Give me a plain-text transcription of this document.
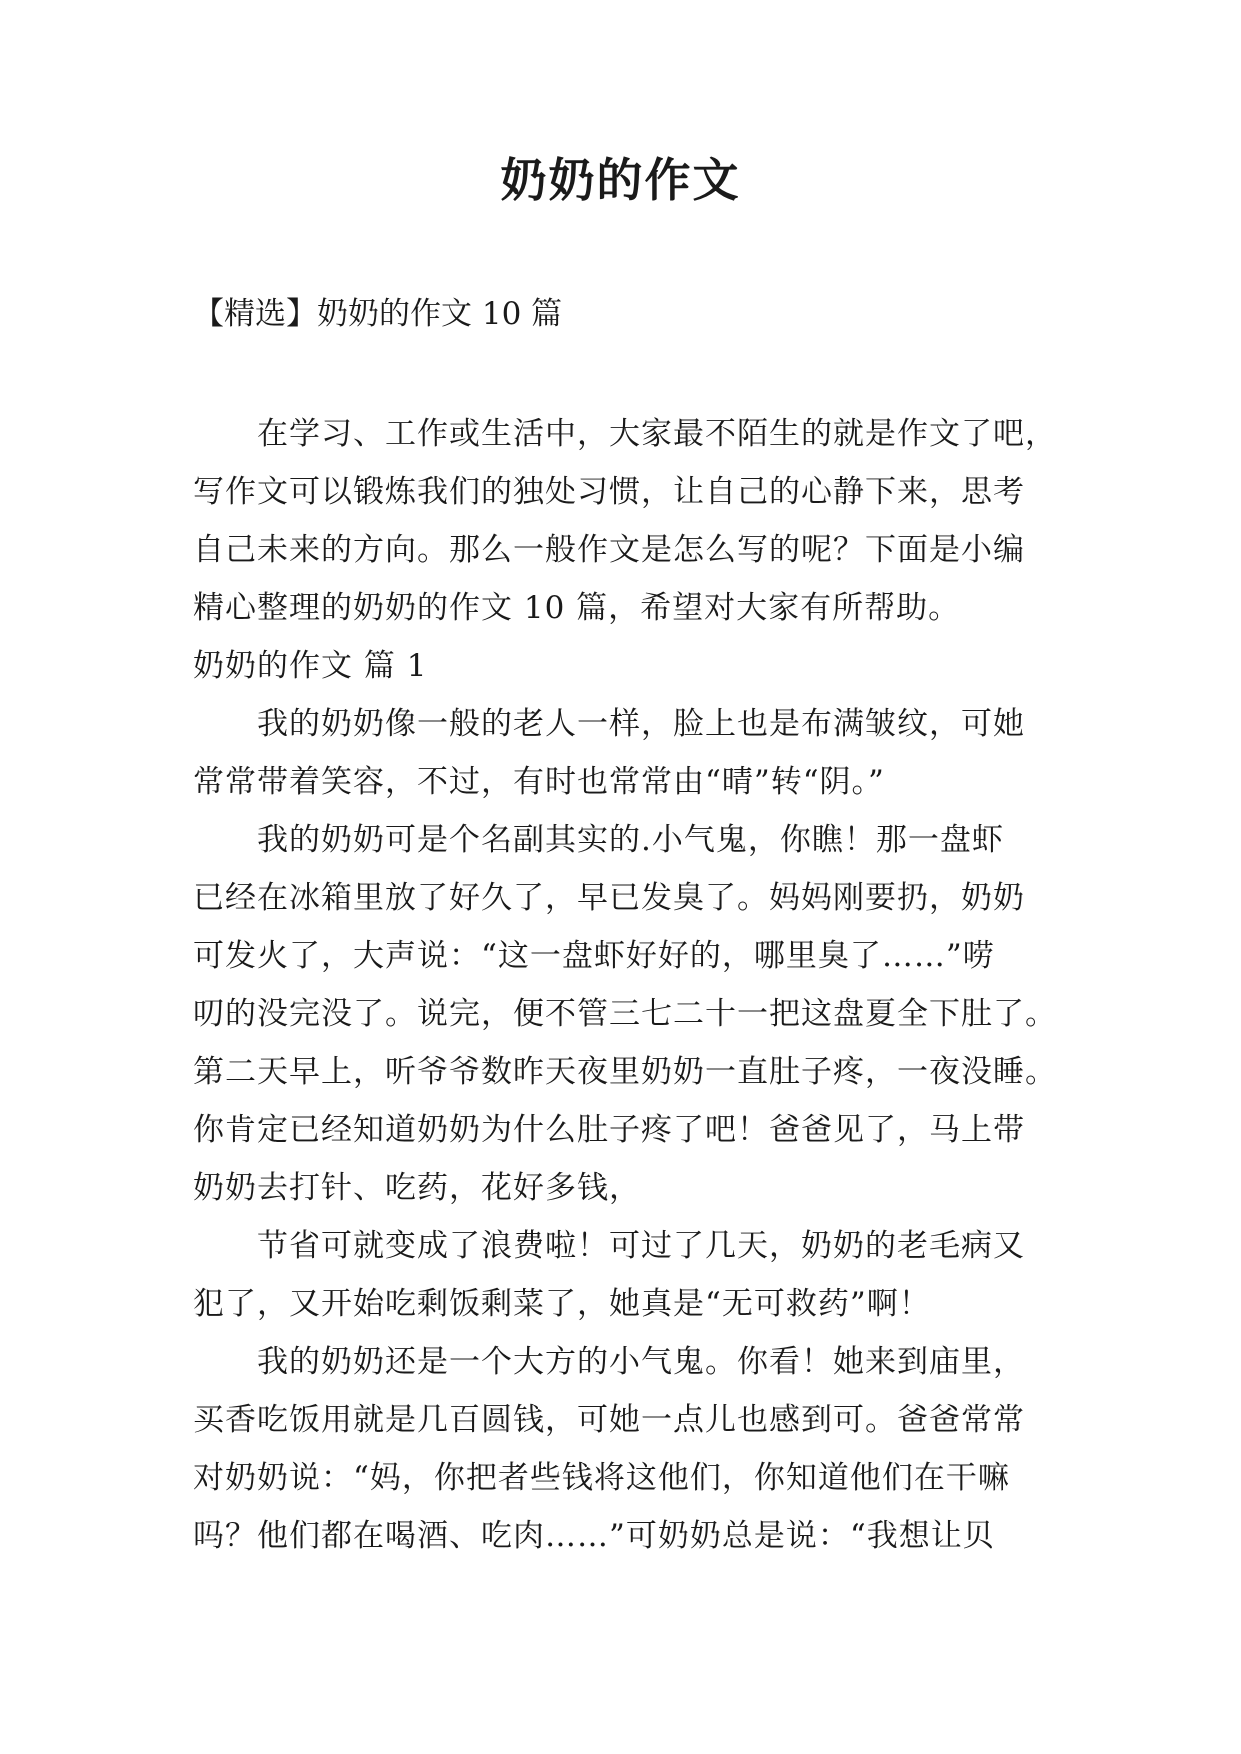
奶奶的作文

【精选】奶奶的作文 10 篇

在学习、工作或生活中，大家最不陌生的就是作文了吧，
写作文可以锻炼我们的独处习惯，让自己的心静下来，思考
自己未来的方向。那么一般作文是怎么写的呢？下面是小编
精心整理的奶奶的作文 10 篇，希望对大家有所帮助。
奶奶的作文 篇 1
我的奶奶像一般的老人一样，脸上也是布满皱纹，可她
常常带着笑容，不过，有时也常常由“晴”转“阴。”
我的奶奶可是个名副其实的.小气鬼，你瞧！那一盘虾
已经在冰箱里放了好久了，早已发臭了。妈妈刚要扔，奶奶
可发火了，大声说：“这一盘虾好好的，哪里臭了……”唠
叨的没完没了。说完，便不管三七二十一把这盘夏全下肚了。
第二天早上，听爷爷数昨天夜里奶奶一直肚子疼，一夜没睡。
你肯定已经知道奶奶为什么肚子疼了吧！爸爸见了，马上带
奶奶去打针、吃药，花好多钱，
节省可就变成了浪费啦！可过了几天，奶奶的老毛病又
犯了，又开始吃剩饭剩菜了，她真是“无可救药”啊！
我的奶奶还是一个大方的小气鬼。你看！她来到庙里，
买香吃饭用就是几百圆钱，可她一点儿也感到可。爸爸常常
对奶奶说：“妈，你把者些钱将这他们，你知道他们在干嘛
吗？他们都在喝酒、吃肉……”可奶奶总是说：“我想让贝
